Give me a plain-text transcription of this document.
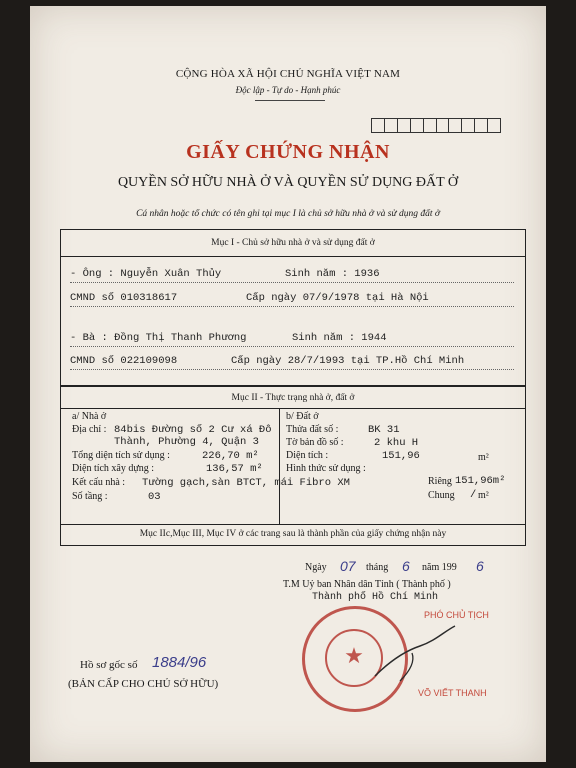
CỘNG HÒA XÃ HỘI CHỦ NGHĨA VIỆT NAM
Độc lập - Tự do - Hạnh phúc
GIẤY CHỨNG NHẬN
QUYỀN SỞ HỮU NHÀ Ở VÀ QUYỀN SỬ DỤNG ĐẤT Ở
Cá nhân hoặc tổ chức có tên ghi tại mục I là chủ sở hữu nhà ở và sử dụng đất ở
Mục I - Chủ sở hữu nhà ở và sử dụng đất ở
- Ông : Nguyễn Xuân Thủy	Sinh năm : 1936
CMND số 010318617	Cấp ngày 07/9/1978 tại Hà Nội
- Bà : Đồng Thị Thanh Phương	Sinh năm : 1944
CMND số 022109098	Cấp ngày 28/7/1993 tại TP.Hồ Chí Minh
Mục II - Thực trạng nhà ở, đất ở
a/ Nhà ở
Địa chỉ : 84bis Đường số 2 Cư xá Đô
Thành, Phường 4, Quận 3
Tổng diện tích sử dụng :	226,70 m²
Diện tích xây dựng :	136,57 m²
Kết cấu nhà : Tường gạch,sàn BTCT, mái Fibro XM
Số tầng :	03
b/ Đất ở
Thửa đất số :	BK 31
Tờ bản đồ số :	2 khu H
Diện tích :	151,96	m²
Hình thức sử dụng :
Riêng 151,96m²
Chung / m²
Mục IIc,Mục III, Mục IV ở các trang sau là thành phần của giấy chứng nhận này
Ngày 07 tháng 6 năm 199 6
T.M Uỷ ban Nhân dân Tỉnh ( Thành phố )
Thành phố Hồ Chí Minh
PHÓ CHỦ TỊCH
★
VÕ VIẾT THANH
Hồ sơ gốc số 1884/96
(BẢN CẤP CHO CHỦ SỞ HỮU)
